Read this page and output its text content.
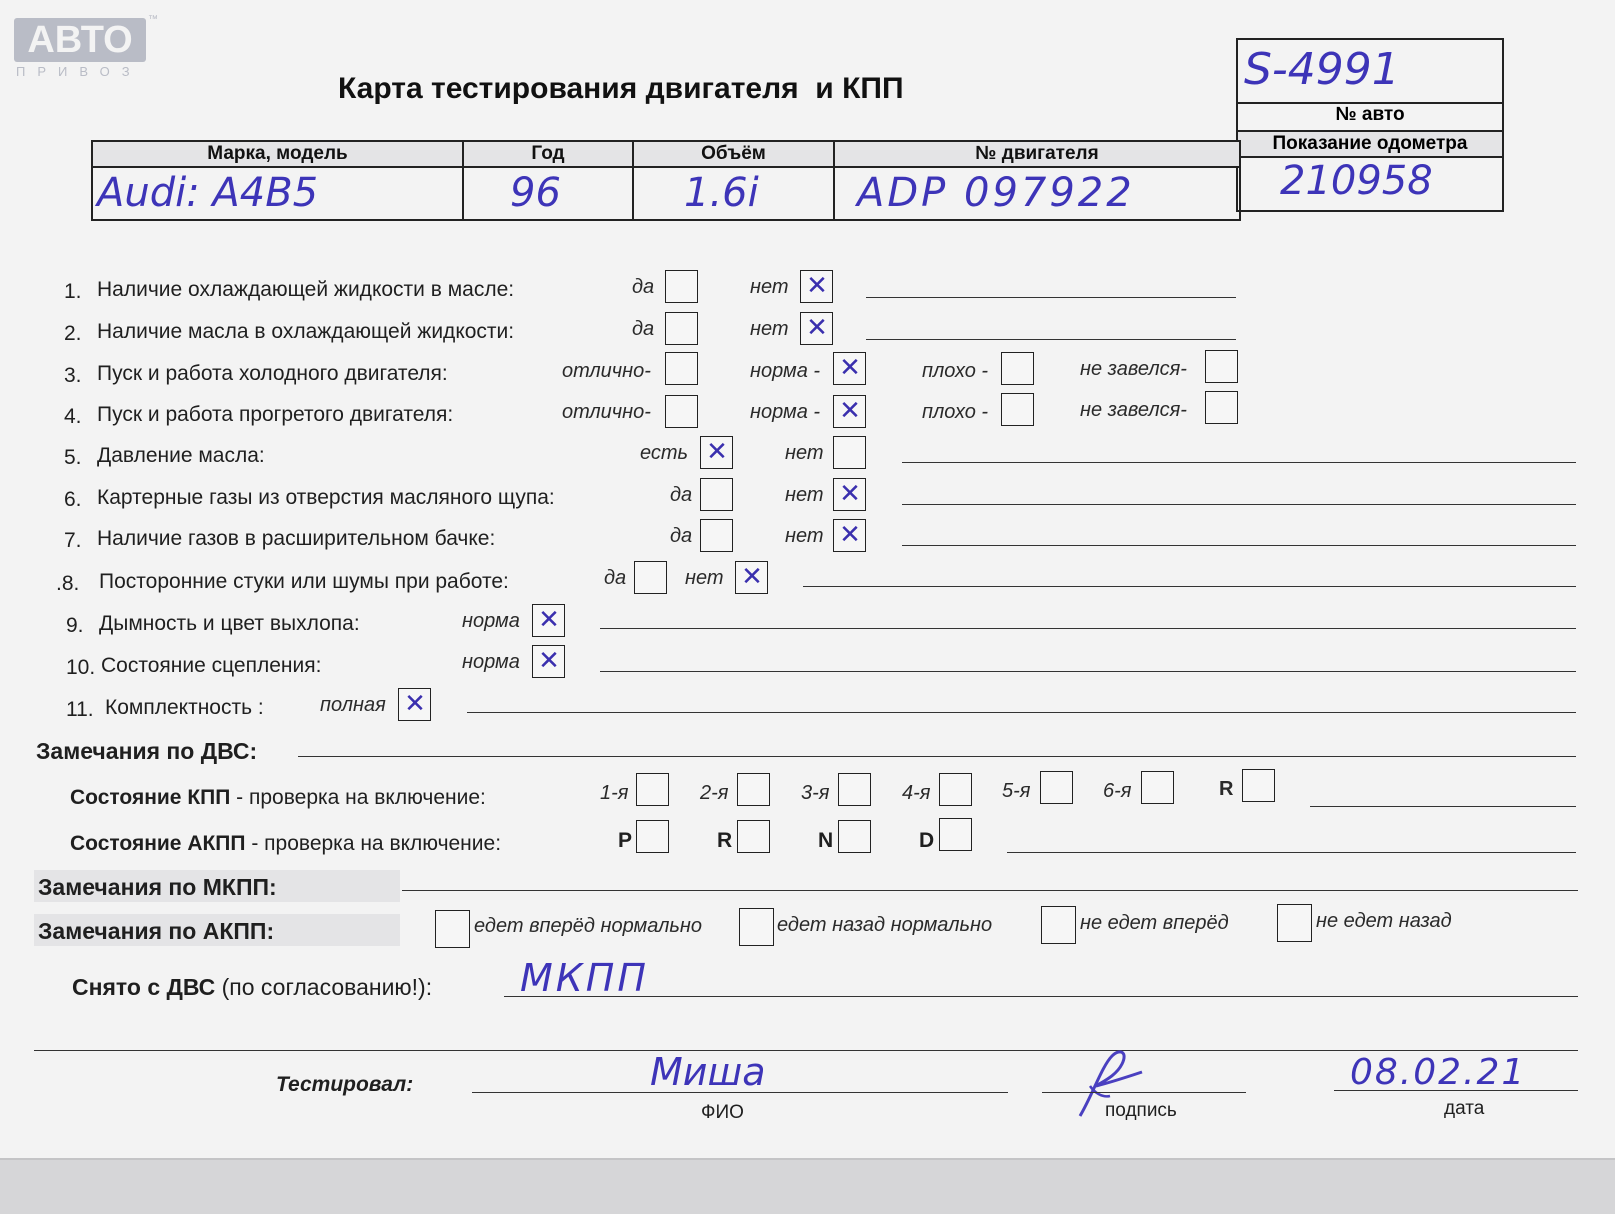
АВТО	™
ПРИВОЗ
Карта тестирования двигателя  и КПП	S-4991
№ авто
Показание одометра
210958
Марка, модель	Год	Объём	№ двигателя

Audi: A4B5	96	1.6i	ADP 097922
1. Наличие охлаждающей жидкости в масле:	да	нет ✕
2. Наличие масла в охлаждающей жидкости:	да	нет ✕
3. Пуск и работа холодного двигателя:	отлично-	норма - ✕	плохо -	не завелся-
4. Пуск и работа прогретого двигателя:	отлично-	норма - ✕	плохо -	не завелся-
5. Давление масла:	есть ✕	нет
6. Картерные газы из отверстия масляного щупа:	да	нет ✕
7. Наличие газов в расширительном бачке:	да	нет ✕
.8. Посторонние стуки или шумы при работе:	да	нет ✕
9. Дымность и цвет выхлопа:	норма ✕
10. Состояние сцепления:	норма ✕
11. Комплектность :	полная ✕
Замечания по ДВС:
Состояние КПП - проверка на включение:	1-я	2-я	3-я	4-я	5-я	6-я	R
Состояние АКПП - проверка на включение:	P	R	N	D
Замечания по МКПП:
Замечания по АКПП:	едет вперёд нормально	едет назад нормально	не едет вперёд	не едет назад
Снято с ДВС (по согласованию!): МКПП
Тестировал:	Миша
ФИО	подпись
08.02.21
дата
